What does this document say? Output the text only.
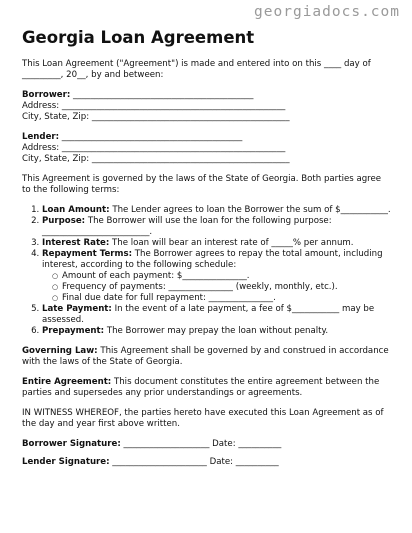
georgiadocs.com
Georgia Loan Agreement

This Loan Agreement ("Agreement") is made and entered into on this ____ day of _________, 20__, by and between:

Borrower: __________________________________________
Address: ____________________________________________________
City, State, Zip: ______________________________________________
Lender: __________________________________________
Address: ____________________________________________________
City, State, Zip: ______________________________________________

This Agreement is governed by the laws of the State of Georgia. Both parties agree to the following terms:

1. Loan Amount: The Lender agrees to loan the Borrower the sum of $___________.
2. Purpose: The Borrower will use the loan for the following purpose: _________________________.
3. Interest Rate: The loan will bear an interest rate of _____% per annum.
4. Repayment Terms: The Borrower agrees to repay the total amount, including interest, according to the following schedule:
○ Amount of each payment: $_______________.
○ Frequency of payments: _______________ (weekly, monthly, etc.).
○ Final due date for full repayment: _______________.
5. Late Payment: In the event of a late payment, a fee of $___________ may be assessed.
6. Prepayment: The Borrower may prepay the loan without penalty.

Governing Law: This Agreement shall be governed by and construed in accordance with the laws of the State of Georgia.

Entire Agreement: This document constitutes the entire agreement between the parties and supersedes any prior understandings or agreements.

IN WITNESS WHEREOF, the parties hereto have executed this Loan Agreement as of the day and year first above written.

Borrower Signature: ____________________ Date: __________
Lender Signature: ______________________ Date: __________
